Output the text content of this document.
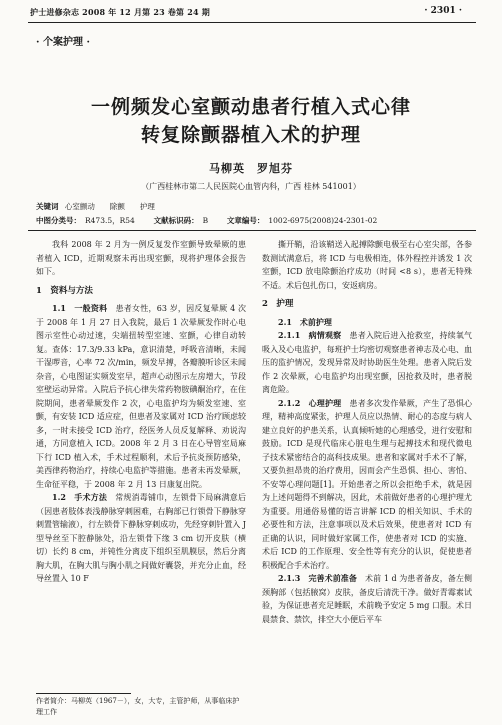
护士进修杂志 2008 年 12 月第 23 卷第 24 期	· 2301 ·
· 个案护理 ·
一例频发心室颤动患者行植入式心律
转复除颤器植入术的护理
马柳英　罗旭芬
（广西桂林市第二人民医院心血管内科，广西 桂林 541001）
关键词 心室颤动　　除颤　　护理
中图分类号： R473.5，R54	文献标识码： B	文章编号： 1002-6975(2008)24-2301-02

我科 2008 年 2 月为一例反复发作室颤导致晕厥的患者植入 ICD，近期观察未再出现室颤，现将护理体会报告如下。

1　资料与方法

1.1　一般资料　患者女性，63 岁，因反复晕厥 4 次于 2008 年 1 月 27 日入我院，最后 1 次晕厥发作时心电图示室性心动过速，尖端扭转型室速、室颤，心律自动转复。查体：17.3/9.33 kPa，意识清楚，呼吸音清晰，未闻干湿啰音，心率 72 次/min，频发早搏，各瓣膜听诊区未闻杂音，心电图证实频发室早，超声心动图示左房增大，节段室壁运动异常。入院后予抗心律失常药物胺碘酮治疗，在住院期间，患者晕厥发作 2 次，心电监护均为频发室速、室颤，有安装 ICD 适应症，但患者及家属对 ICD 治疗顾虑较多，一时未接受 ICD 治疗，经医务人员反复解释、劝说沟通，方同意植入 ICD。2008 年 2 月 3 日在心导管室局麻下行 ICD 植入术，手术过程顺利，术后予抗炎预防感染，美西律药物治疗，持续心电监护等措施。患者未再发晕厥，生命征平稳，于 2008 年 2 月 13 日康复出院。

1.2　手术方法　常规消毒铺巾，左锁骨下局麻满意后（因患者肢体表浅静脉穿刺困难，右胸部已行锁骨下静脉穿刺置管输液），行左锁骨下静脉穿刺成功，先经穿刺针置入 J 型导丝至下腔静脉处，沿左锁骨下缘 3 cm 切开皮肤（横切）长约 8 cm，并钝性分离皮下组织至肌膜层，然后分离胸大肌，在胸大肌与胸小肌之间做好囊袋，并充分止血，经导丝置入 10 F

撕开鞘，沿该鞘送入起搏除颤电极至右心室尖部，各参数测试满意后，将 ICD 与电极相连，体外程控并诱发 1 次室颤，ICD 放电除颤治疗成功（时间 <8 s），患者无特殊不适。术后包扎伤口，安返病房。

2　护理

2.1　术前护理

2.1.1　病情观察　患者入院后进入抢救室，持续氧气吸入及心电监护，每班护士均密切观察患者神志及心电、血压的监护情况，发现异常及时协助医生处理。患者入院后发作 2 次晕厥，心电监护均出现室颤，因抢救及时，患者脱离危险。

2.1.2　心理护理　患者多次发作晕厥，产生了恐惧心理，精神高度紧张，护理人员应以热情、耐心的态度与病人建立良好的护患关系，认真倾听她的心理感受，进行安慰和鼓励。ICD 是现代临床心脏电生理与起搏技术和现代微电子技术紧密结合的高科技成果。患者和家属对手术不了解，又要负担昂贵的治疗费用，因而会产生恐惧、担心、害怕、不安等心理问题[1]。开始患者之所以会拒绝手术，就是因为上述问题得不到解决，因此，术前做好患者的心理护理尤为重要。用通俗易懂的语言讲解 ICD 的相关知识、手术的必要性和方法，注意事项以及术后效果，使患者对 ICD 有正确的认识，同时做好家属工作，使患者对 ICD 的实施、术后 ICD 的工作原理、安全性等有充分的认识，促使患者积极配合手术治疗。

2.1.3　完善术前准备　术前 1 d 为患者备皮，备左侧颈胸部（包括腋窝）皮肤，备皮后清洗干净。做好青霉素试验，为保证患者充足睡眠，术前晚予安定 5 mg 口服。术日晨禁食、禁饮，排空大小便后平车

作者简介：马柳英（1967－），女，大专，主管护师，从事临床护理工作
